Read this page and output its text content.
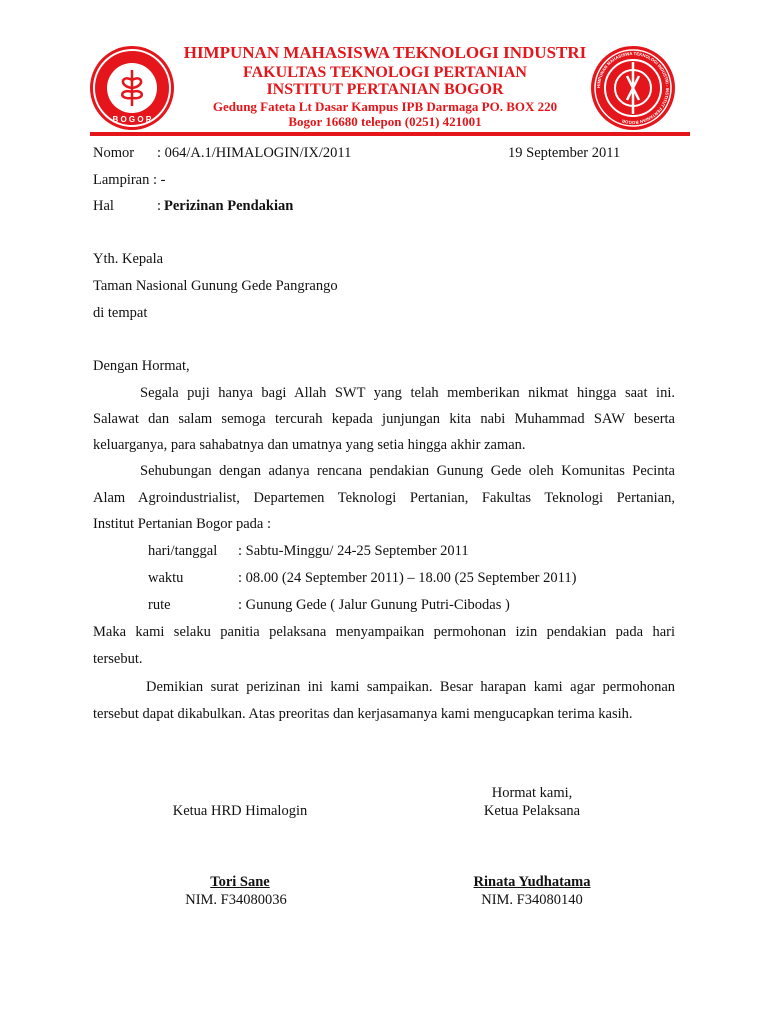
B O G O R
HIMPUNAN MAHASISWA TEKNOLOGI INDUSTRI - INSTITUT PERTANIAN BOGOR
HIMPUNAN MAHASISWA TEKNOLOGI INDUSTRI
FAKULTAS TEKNOLOGI PERTANIAN
INSTITUT PERTANIAN BOGOR
Gedung Fateta Lt Dasar Kampus IPB Darmaga PO. BOX 220
Bogor 16680 telepon (0251) 421001
Nomor : 064/A.1/HIMALOGIN/IX/2011	19 September 2011
Lampiran : -
Hal	: Perizinan Pendakian
Yth. Kepala
Taman Nasional Gunung Gede Pangrango
di tempat
Dengan Hormat,
Segala puji hanya bagi Allah SWT yang telah memberikan nikmat hingga saat ini.
Salawat dan salam semoga tercurah kepada junjungan kita nabi Muhammad SAW beserta
keluarganya, para sahabatnya dan umatnya yang setia hingga akhir zaman.
Sehubungan dengan adanya rencana pendakian Gunung Gede oleh Komunitas Pecinta
Alam Agroindustrialist, Departemen Teknologi Pertanian, Fakultas Teknologi Pertanian,
Institut Pertanian Bogor pada :
hari/tanggal : Sabtu-Minggu/ 24-25 September 2011
waktu	: 08.00 (24 September 2011) – 18.00 (25 September 2011)
rute	: Gunung Gede ( Jalur Gunung Putri-Cibodas )
Maka kami selaku panitia pelaksana menyampaikan permohonan izin pendakian pada hari
tersebut.
Demikian surat perizinan ini kami sampaikan. Besar harapan kami agar permohonan
tersebut dapat dikabulkan. Atas preoritas dan kerjasamanya kami mengucapkan terima kasih.
Hormat kami,
Ketua HRD Himalogin	Ketua Pelaksana
Tori Sane	Rinata Yudhatama
NIM. F34080036	NIM. F34080140
